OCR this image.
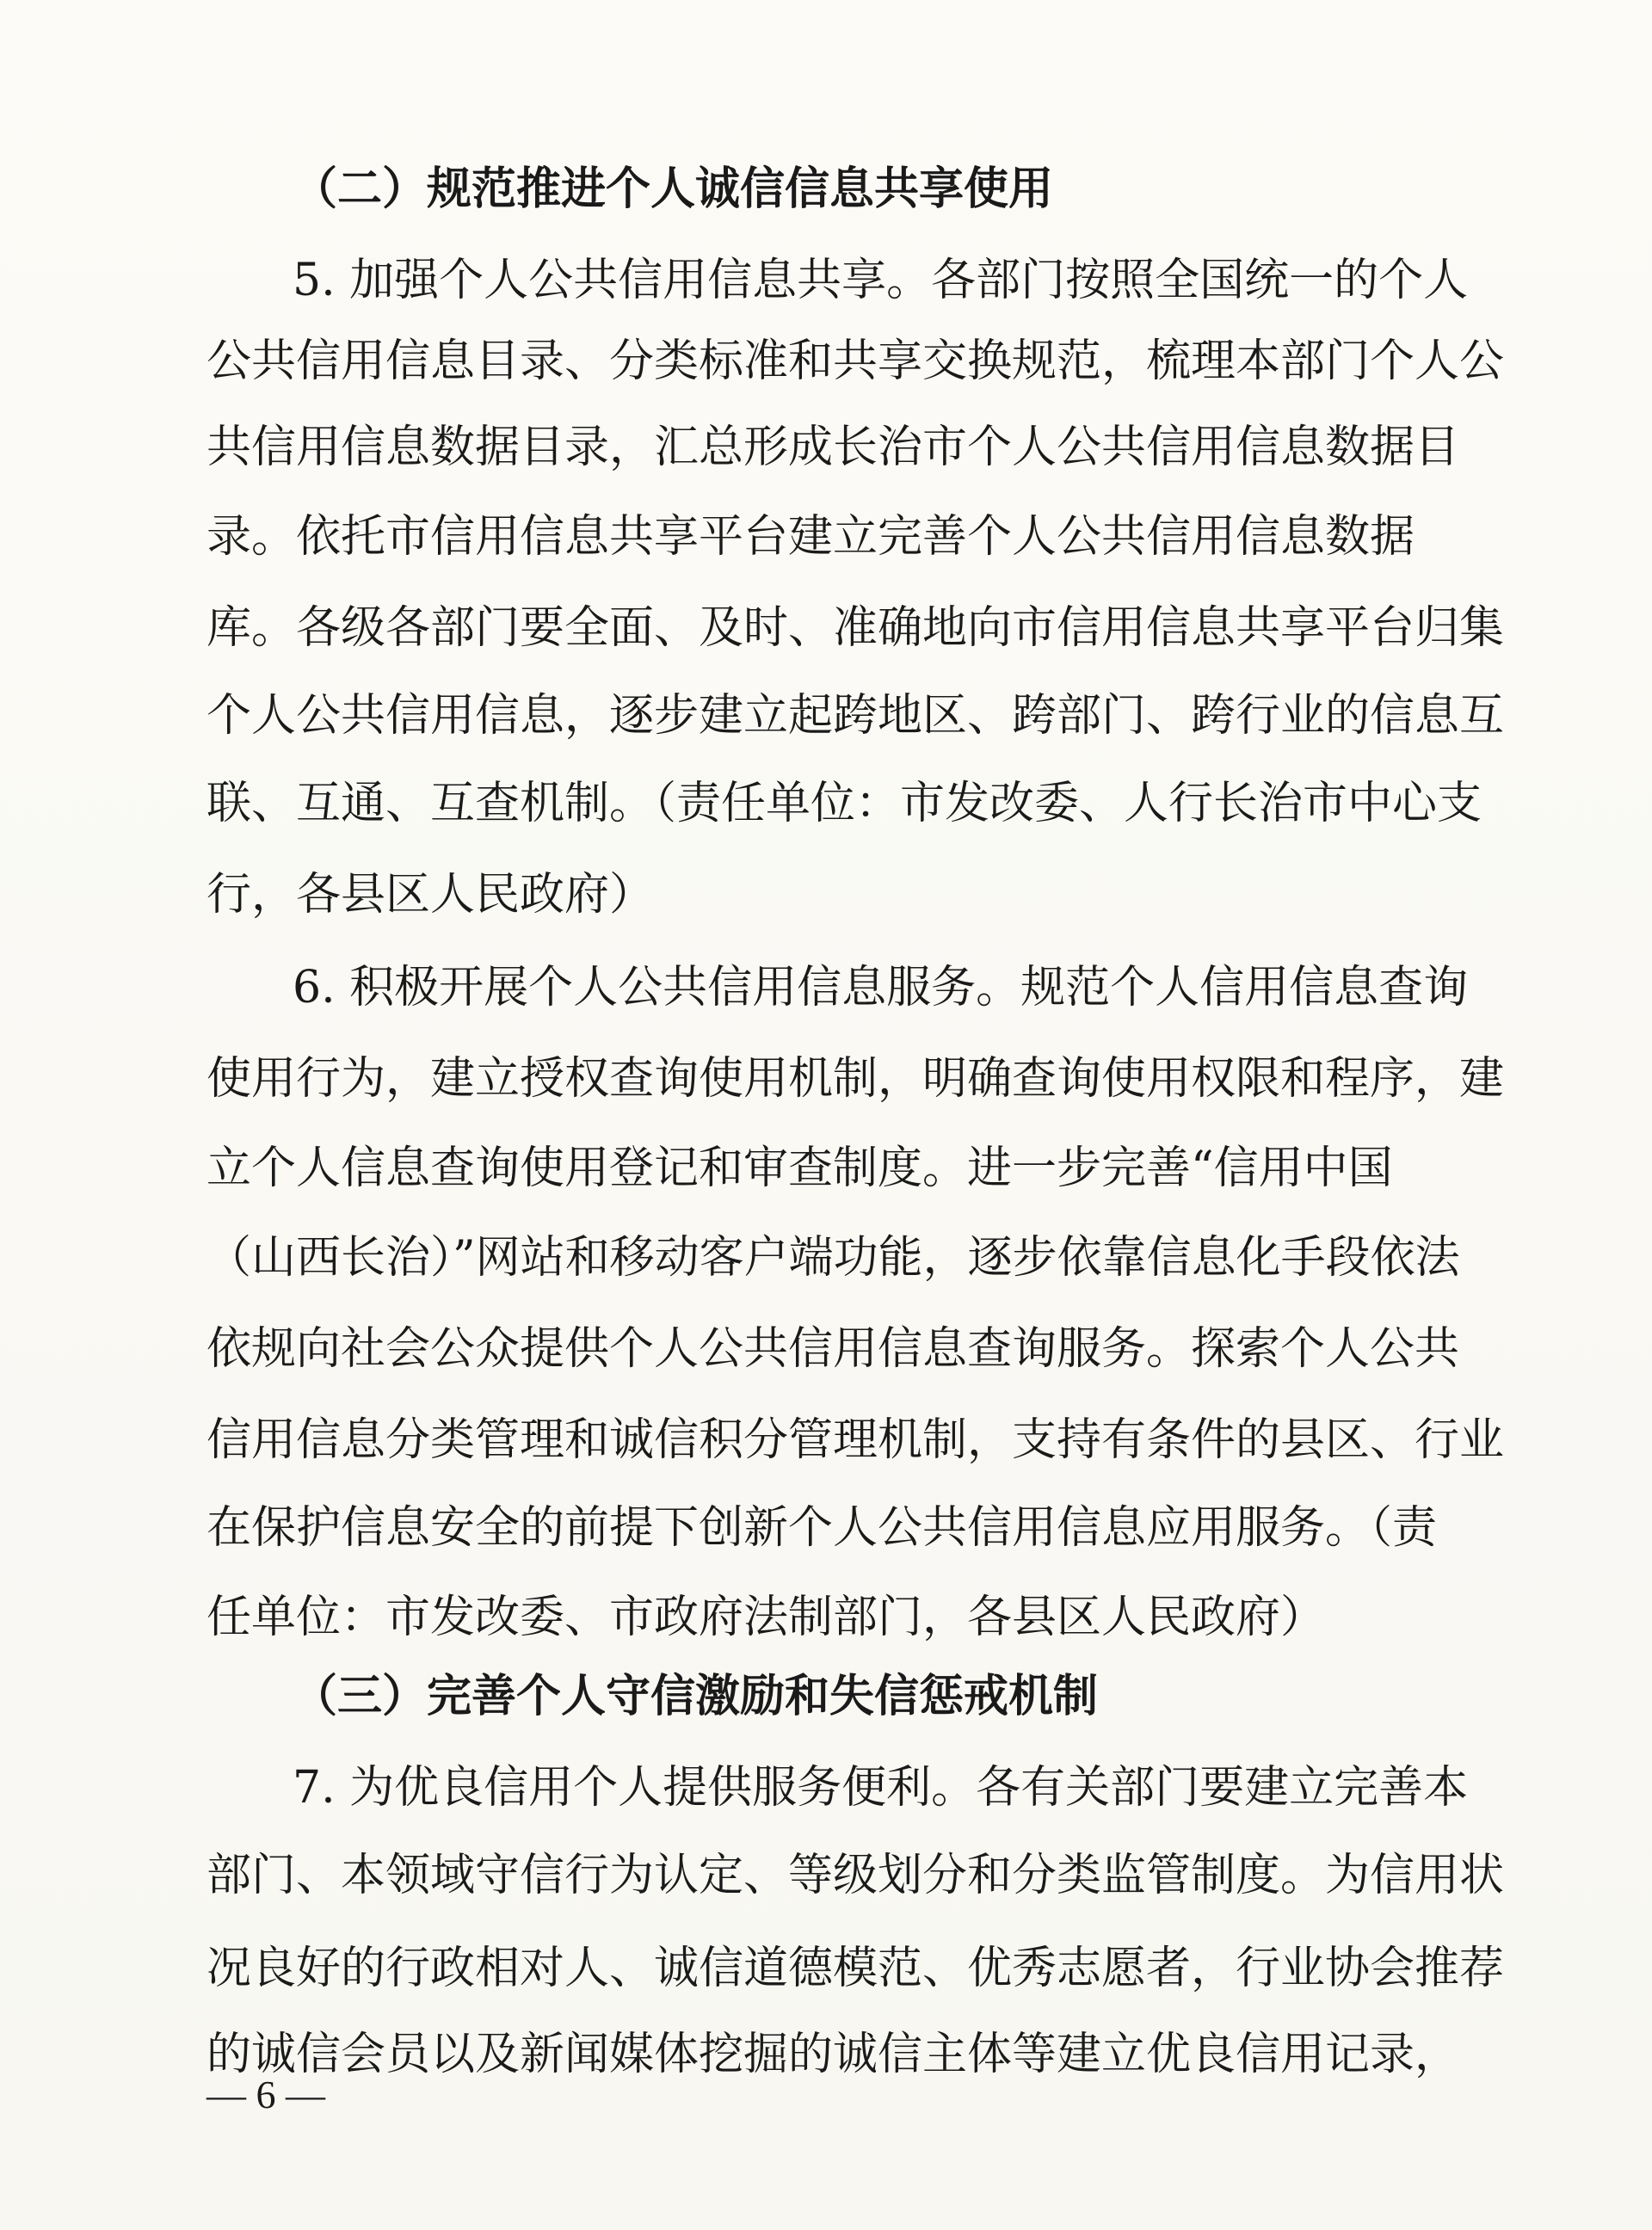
（二）规范推进个人诚信信息共享使用
5. 加强个人公共信用信息共享。各部门按照全国统一的个人
公共信用信息目录、分类标准和共享交换规范，梳理本部门个人公
共信用信息数据目录，汇总形成长治市个人公共信用信息数据目
录。依托市信用信息共享平台建立完善个人公共信用信息数据
库。各级各部门要全面、及时、准确地向市信用信息共享平台归集
个人公共信用信息，逐步建立起跨地区、跨部门、跨行业的信息互
联、互通、互查机制。（责任单位：市发改委、人行长治市中心支
行，各县区人民政府）
6. 积极开展个人公共信用信息服务。规范个人信用信息查询
使用行为，建立授权查询使用机制，明确查询使用权限和程序，建
立个人信息查询使用登记和审查制度。进一步完善“信用中国
（山西长治）”网站和移动客户端功能，逐步依靠信息化手段依法
依规向社会公众提供个人公共信用信息查询服务。探索个人公共
信用信息分类管理和诚信积分管理机制，支持有条件的县区、行业
在保护信息安全的前提下创新个人公共信用信息应用服务。（责
任单位：市发改委、市政府法制部门，各县区人民政府）
（三）完善个人守信激励和失信惩戒机制
7. 为优良信用个人提供服务便利。各有关部门要建立完善本
部门、本领域守信行为认定、等级划分和分类监管制度。为信用状
况良好的行政相对人、诚信道德模范、优秀志愿者，行业协会推荐
的诚信会员以及新闻媒体挖掘的诚信主体等建立优良信用记录，
— 6 —
